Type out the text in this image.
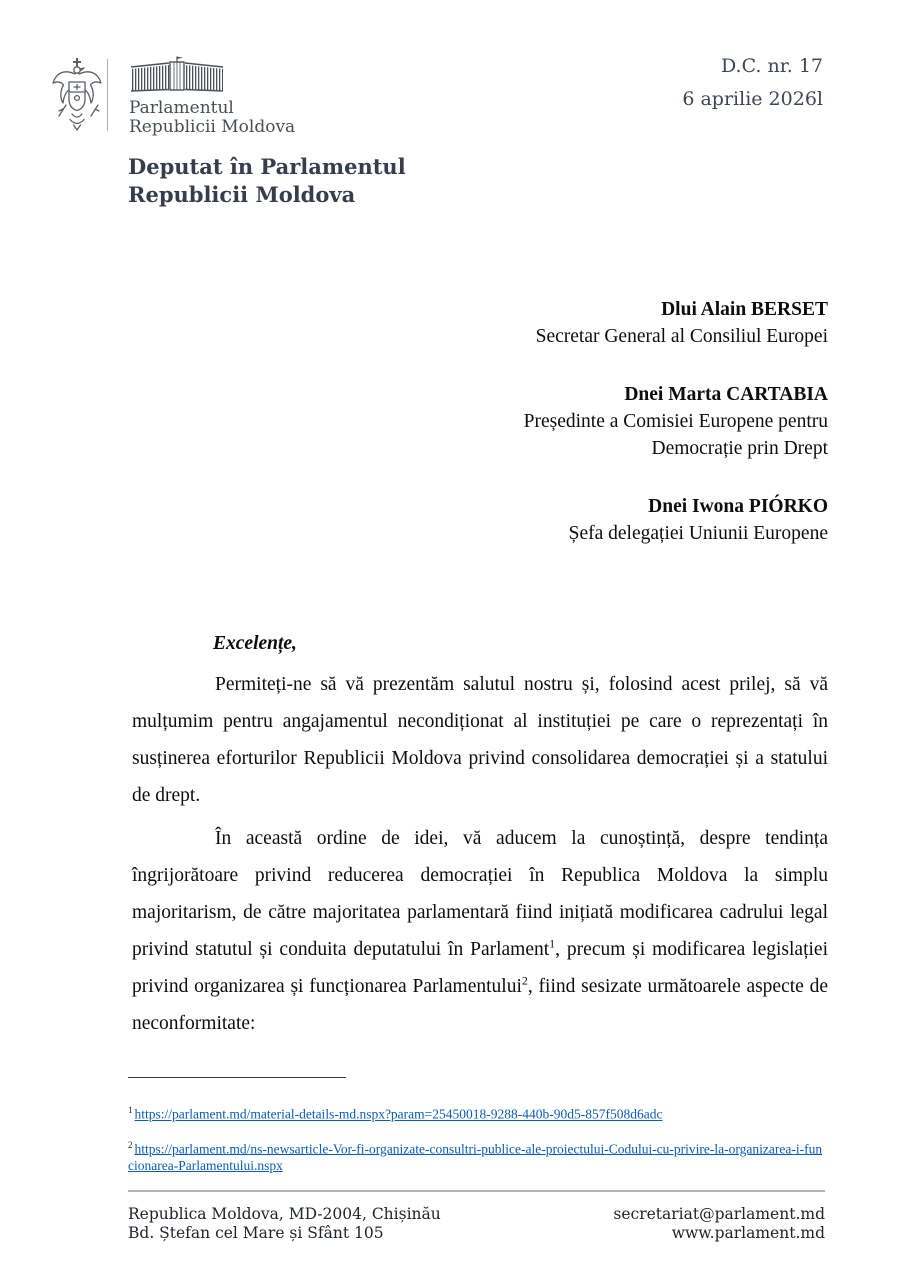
Parlamentul
Republicii Moldova
D.C. nr. 17
6 aprilie 2026l
Deputat în Parlamentul
Republicii Moldova
Dlui Alain BERSET
Secretar General al Consiliul Europei
Dnei Marta CARTABIA
Președinte a Comisiei Europene pentru
Democrație prin Drept
Dnei Iwona PIÓRKO
Șefa delegației Uniunii Europene

Excelențe,

Permiteți-ne să vă prezentăm salutul nostru și, folosind acest prilej, să vă mulțumim pentru angajamentul necondiționat al instituției pe care o reprezentați în susținerea eforturilor Republicii Moldova privind consolidarea democrației și a statului de drept.

În această ordine de idei, vă aducem la cunoștință, despre tendința îngrijorătoare privind reducerea democrației în Republica Moldova la simplu majoritarism, de către majoritatea parlamentară fiind inițiată modificarea cadrului legal privind statutul și conduita deputatului în Parlament$^1$, precum și modificarea legislației privind organizarea și funcționarea Parlamentului$^2$, fiind sesizate următoarele aspecte de neconformitate:

$^1$ https://parlament.md/material-details-md.nspx?param=25450018-9288-440b-90d5-857f508d6adc
$^2$ https://parlament.md/ns-newsarticle-Vor-fi-organizate-consultri-publice-ale-proiectului-Codului-cu-privire-la-organizarea-i-funcionarea-Parlamentului.nspx
Republica Moldova, MD-2004, Chișinău
Bd. Ștefan cel Mare și Sfânt 105
secretariat@parlament.md
www.parlament.md
